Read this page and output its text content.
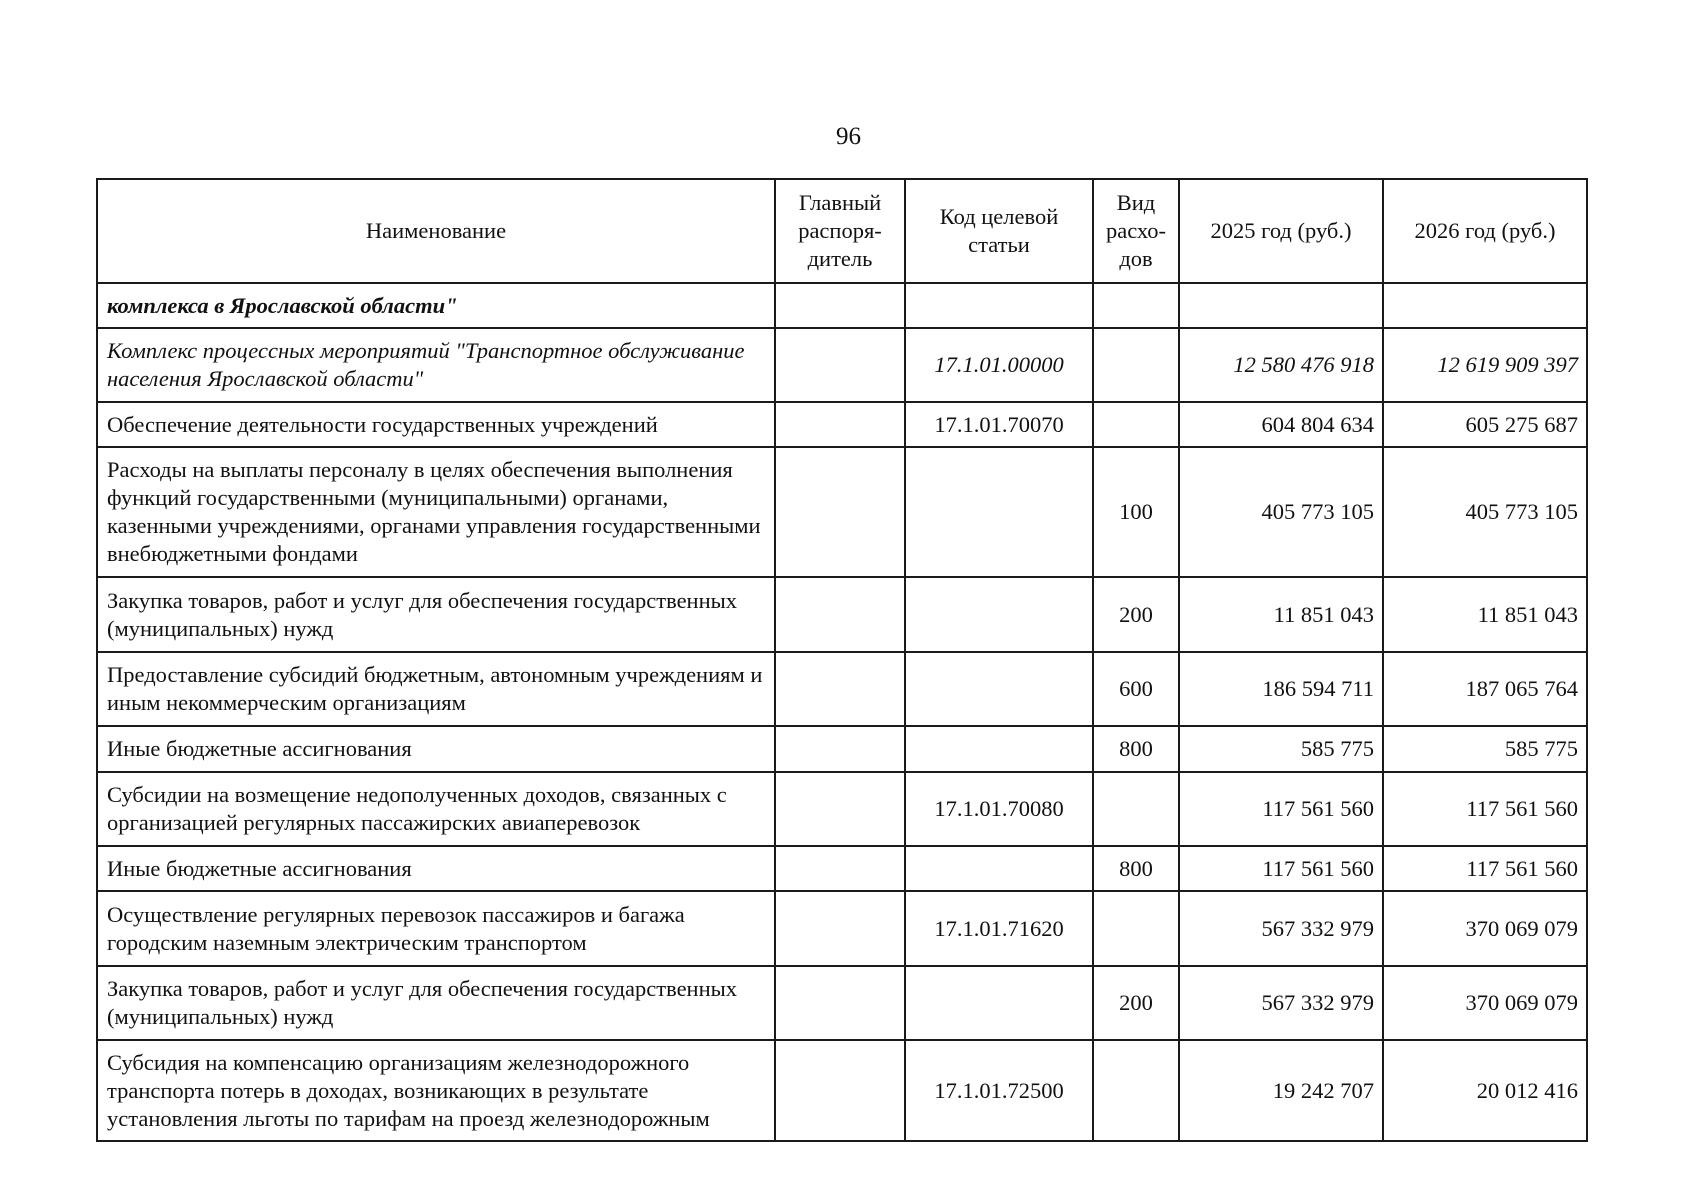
96
Наименование	Главный распоря-дитель	Код целевой статьи	Вид расхо-дов	2025 год (руб.)	2026 год (руб.)
комплекса в Ярославской области"					
Комплекс процессных мероприятий "Транспортное обслуживание населения Ярославской области"		17.1.01.00000		12 580 476 918	12 619 909 397
Обеспечение деятельности государственных учреждений		17.1.01.70070		604 804 634	605 275 687
Расходы на выплаты персоналу в целях обеспечения выполнения функций государственными (муниципальными) органами, казенными учреждениями, органами управления государственными внебюджетными фондами			100	405 773 105	405 773 105
Закупка товаров, работ и услуг для обеспечения государственных (муниципальных) нужд			200	11 851 043	11 851 043
Предоставление субсидий бюджетным, автономным учреждениям и иным некоммерческим организациям			600	186 594 711	187 065 764
Иные бюджетные ассигнования			800	585 775	585 775
Субсидии на возмещение недополученных доходов, связанных с организацией регулярных пассажирских авиаперевозок		17.1.01.70080		117 561 560	117 561 560
Иные бюджетные ассигнования			800	117 561 560	117 561 560
Осуществление регулярных перевозок пассажиров и багажа городским наземным электрическим транспортом		17.1.01.71620		567 332 979	370 069 079
Закупка товаров, работ и услуг для обеспечения государственных (муниципальных) нужд			200	567 332 979	370 069 079
Субсидия на компенсацию организациям железнодорожного транспорта потерь в доходах, возникающих в результате установления льготы по тарифам на проезд железнодорожным		17.1.01.72500		19 242 707	20 012 416
